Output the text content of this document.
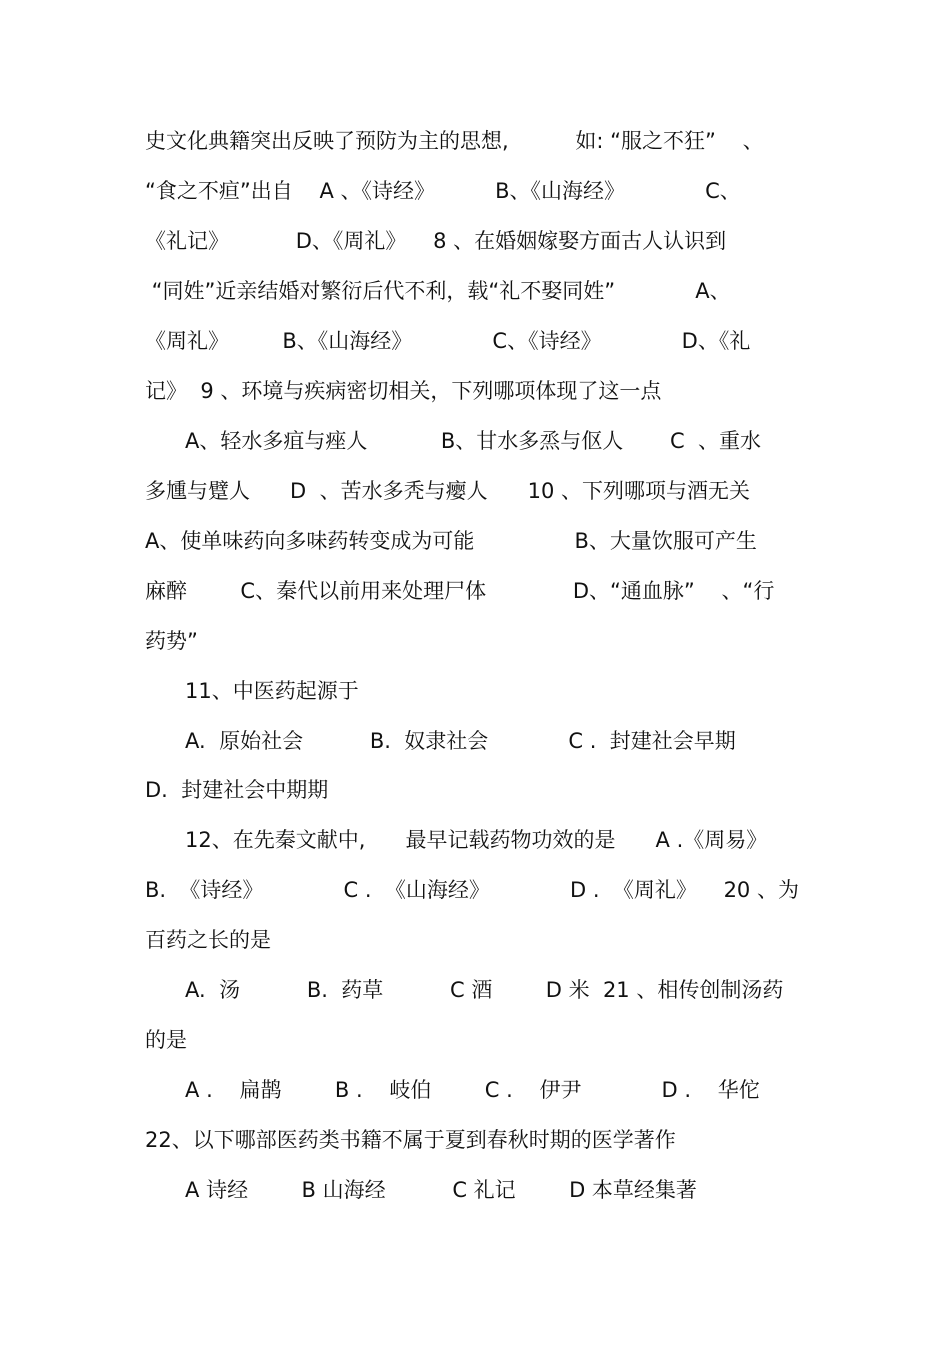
史文化典籍突出反映了预防为主的思想,          如: “服之不狂”    、
“食之不疸”出自    A 、《诗经》         B、《山海经》            C、
《礼记》          D、《周礼》    8 、在婚姻嫁娶方面古人认识到
“同姓”近亲结婚对繁衍后代不利，载“礼不娶同姓”            A、
《周礼》        B、《山海经》            C、《诗经》            D、《礼
记》  9 、环境与疾病密切相关，下列哪项体现了这一点
A、轻水多疽与痤人           B、甘水多烝与伛人       C  、重水
多尰与躄人      D  、苦水多秃与瘿人      10 、下列哪项与酒无关
A、使单味药向多味药转变成为可能               B、大量饮服可产生
麻醉        C、秦代以前用来处理尸体             D、“通血脉”    、“行
药势”
11、中医药起源于
A.  原始社会          B.  奴隶社会            C .  封建社会早期
D.  封建社会中期期
12、在先秦文献中,      最早记载药物功效的是      A .《周易》
B.  《诗经》            C .  《山海经》            D .  《周礼》    20 、为
百药之长的是
A.  汤          B.  药草          C 酒        D 米  21 、相传创制汤药
的是
A .    扁鹊        B .    岐伯        C .    伊尹            D .    华佗
22、以下哪部医药类书籍不属于夏到春秋时期的医学著作
A 诗经        B 山海经          C 礼记        D 本草经集著
